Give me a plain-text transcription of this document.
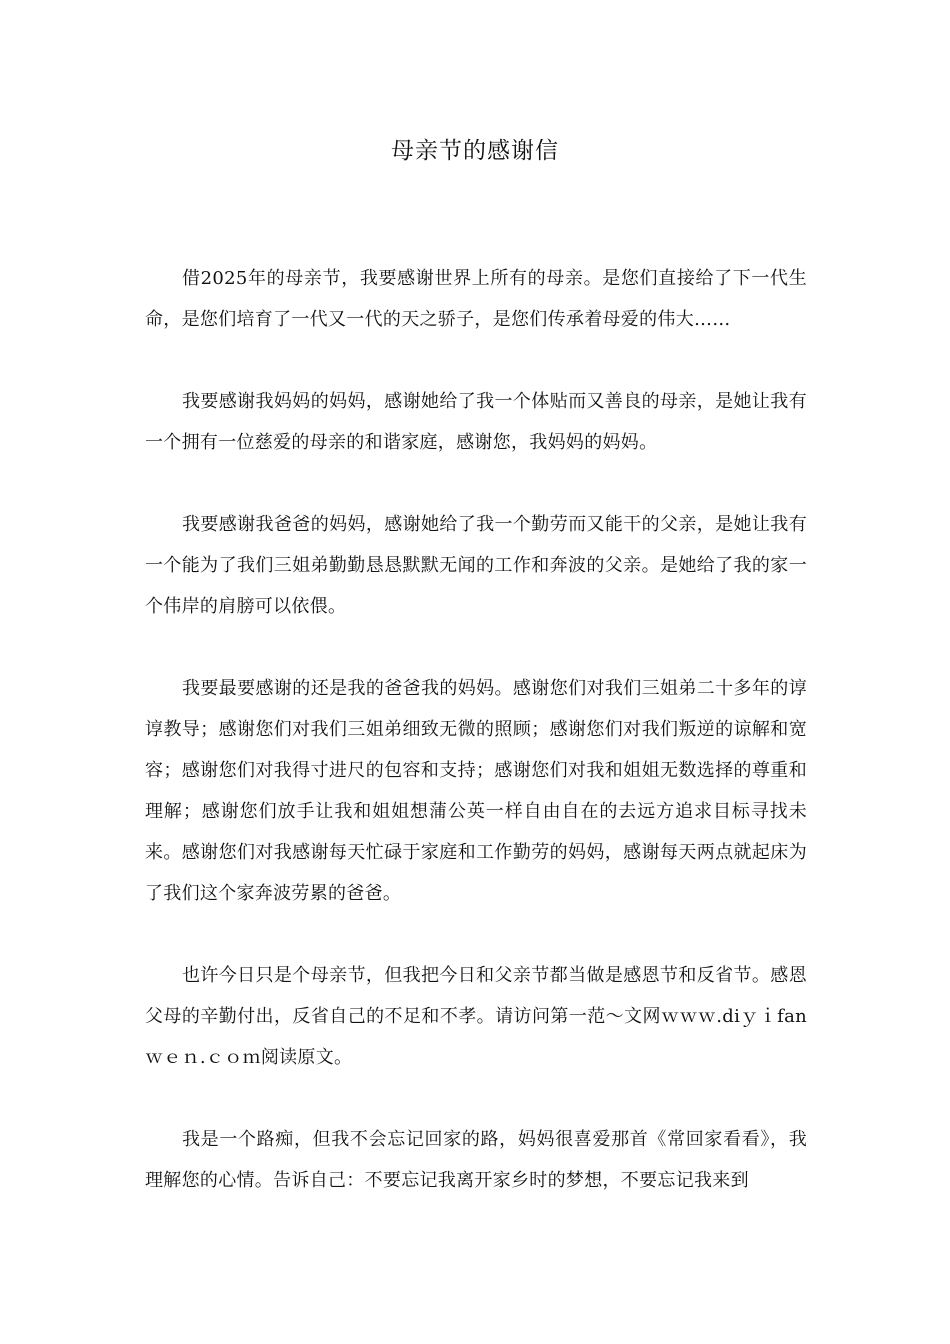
母亲节的感谢信

借2025年的母亲节，我要感谢世界上所有的母亲。是您们直接给了下一代生命，是您们培育了一代又一代的天之骄子，是您们传承着母爱的伟大……

我要感谢我妈妈的妈妈，感谢她给了我一个体贴而又善良的母亲，是她让我有一个拥有一位慈爱的母亲的和谐家庭，感谢您，我妈妈的妈妈。

我要感谢我爸爸的妈妈，感谢她给了我一个勤劳而又能干的父亲，是她让我有一个能为了我们三姐弟勤勤恳恳默默无闻的工作和奔波的父亲。是她给了我的家一个伟岸的肩膀可以依偎。

我要最要感谢的还是我的爸爸我的妈妈。感谢您们对我们三姐弟二十多年的谆谆教导；感谢您们对我们三姐弟细致无微的照顾；感谢您们对我们叛逆的谅解和宽容；感谢您们对我得寸进尺的包容和支持；感谢您们对我和姐姐无数选择的尊重和理解；感谢您们放手让我和姐姐想蒲公英一样自由自在的去远方追求目标寻找未来。感谢您们对我感谢每天忙碌于家庭和工作勤劳的妈妈，感谢每天两点就起床为了我们这个家奔波劳累的爸爸。

也许今日只是个母亲节，但我把今日和父亲节都当做是感恩节和反省节。感恩父母的辛勤付出，反省自己的不足和不孝。请访问第一范～文网ｗｗｗ.diｙｉfanｗｅｎ.ｃｏｍ阅读原文。

我是一个路痴，但我不会忘记回家的路，妈妈很喜爱那首《常回家看看》，我理解您的心情。告诉自己：不要忘记我离开家乡时的梦想，不要忘记我来到
